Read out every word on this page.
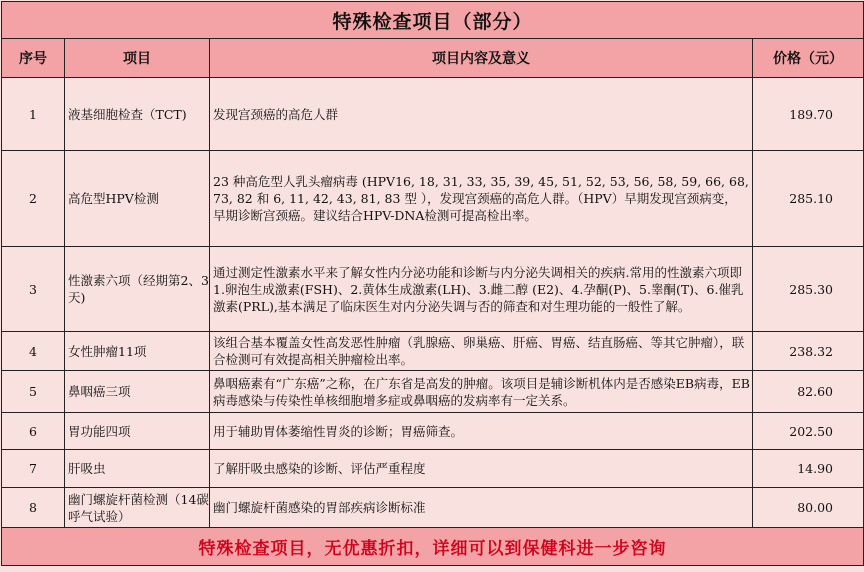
特殊检查项目（部分）			
序号	项目	项目内容及意义	价格（元）
1	液基细胞检查（TCT)	发现宫颈癌的高危人群	189.70
2	高危型HPV检测	23 种高危型人乳头瘤病毒 (HPV16, 18, 31, 33, 35, 39, 45, 51, 52, 53, 56, 58, 59, 66, 68, 73, 82 和 6, 11, 42, 43, 81, 83 型 ），发现宫颈癌的高危人群。（HPV）早期发现宫颈病变， 早期诊断宫颈癌。建议结合HPV-DNA检测可提高检出率。	285.10
3	性激素六项（经期第2、3天)	通过测定性激素水平来了解女性内分泌功能和诊断与内分泌失调相关的疾病.常用的性激素六项即1.卵泡生成激素(FSH)、2.黄体生成激素(LH)、3.雌二醇 (E2)、4.孕酮(P)、5.睾酮(T)、6.催乳激素(PRL),基本满足了临床医生对内分泌失调与否的筛查和对生理功能的一般性了解。	285.30
4	女性肿瘤11项	该组合基本覆盖女性高发恶性肿瘤（乳腺癌、卵巢癌、肝癌、胃癌、结直肠癌、等其它肿瘤），联合检测可有效提高相关肿瘤检出率。	238.32
5	鼻咽癌三项	鼻咽癌素有“广东癌”之称，在广东省是高发的肿瘤。该项目是辅诊断机体内是否感染EB病毒，EB病毒感染与传染性单核细胞增多症或鼻咽癌的发病率有一定关系。	82.60
6	胃功能四项	用于辅助胃体萎缩性胃炎的诊断；胃癌筛查。	202.50
7	肝吸虫	了解肝吸虫感染的诊断、评估严重程度	14.90
8	幽门螺旋杆菌检测（14碳呼气试验）	幽门螺旋杆菌感染的胃部疾病诊断标准	80.00
特殊检查项目，无优惠折扣，详细可以到保健科进一步咨询			
